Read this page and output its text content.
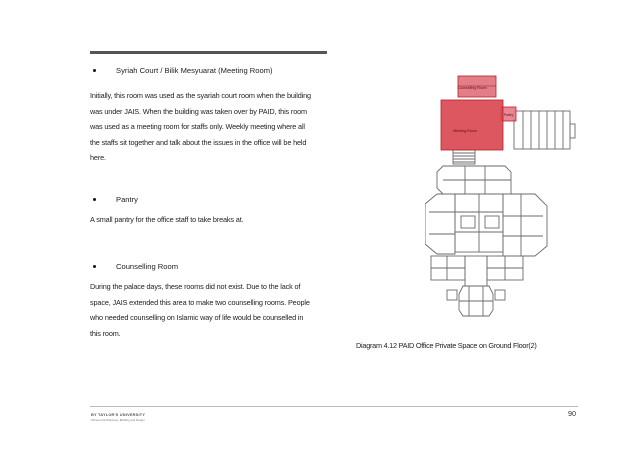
Syriah Court / Bilik Mesyuarat (Meeting Room)
Initially, this room was used as the syariah court room when the building
was under JAIS. When the building was taken over by PAID, this room
was used as a meeting room for staffs only. Weekly meeting where all
the staffs sit together and talk about the issues in the office will be held
here.
Pantry
A small pantry for the office staff to take breaks at.
Counselling Room
During the palace days, these rooms did not exist. Due to the lack of
space, JAIS extended this area to make two counselling rooms. People
who needed counselling on Islamic way of life would be counselled in
this room.
Counselling Room
Pantry
Meeting Room
Diagram 4.12 PAID Office Private Space on Ground Floor(2)
90
BY TAYLOR'S UNIVERSITY
School of Architecture, Building and Design
